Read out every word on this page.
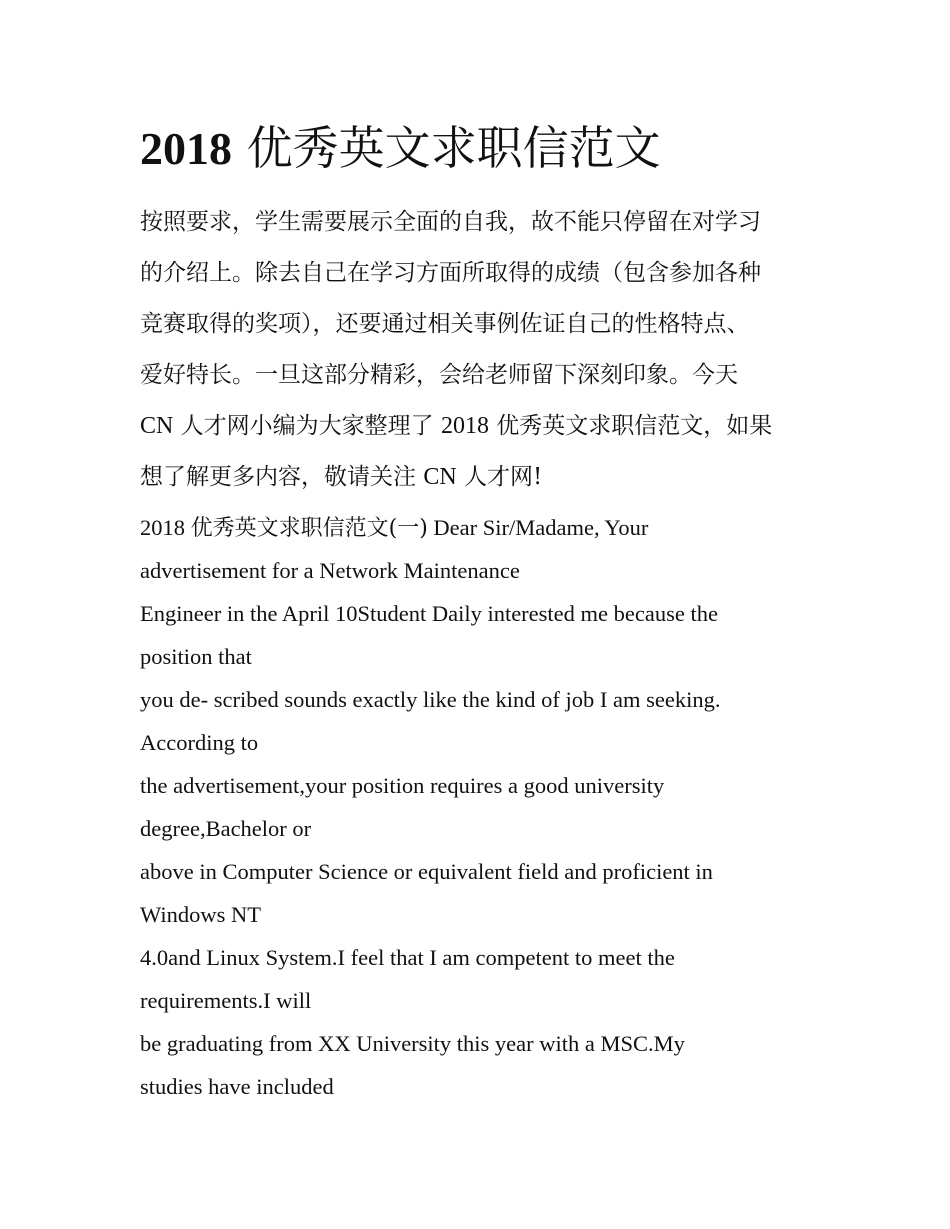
2018 优秀英文求职信范文
按照要求，学生需要展示全面的自我，故不能只停留在对学习
的介绍上。除去自己在学习方面所取得的成绩（包含参加各种
竞赛取得的奖项），还要通过相关事例佐证自己的性格特点、
爱好特长。一旦这部分精彩，会给老师留下深刻印象。今天
CN 人才网小编为大家整理了 2018 优秀英文求职信范文，如果
想了解更多内容，敬请关注 CN 人才网!
2018 优秀英文求职信范文(一) Dear Sir/Madame, Your
advertisement for a Network Maintenance
Engineer in the April 10Student Daily interested me because the
position that
you de- scribed sounds exactly like the kind of job I am seeking.
According to
the advertisement,your position requires a good university
degree,Bachelor or
above in Computer Science or equivalent field and proficient in
Windows NT
4.0and Linux System.I feel that I am competent to meet the
requirements.I will
be graduating from XX University this year with a MSC.My
studies have included
